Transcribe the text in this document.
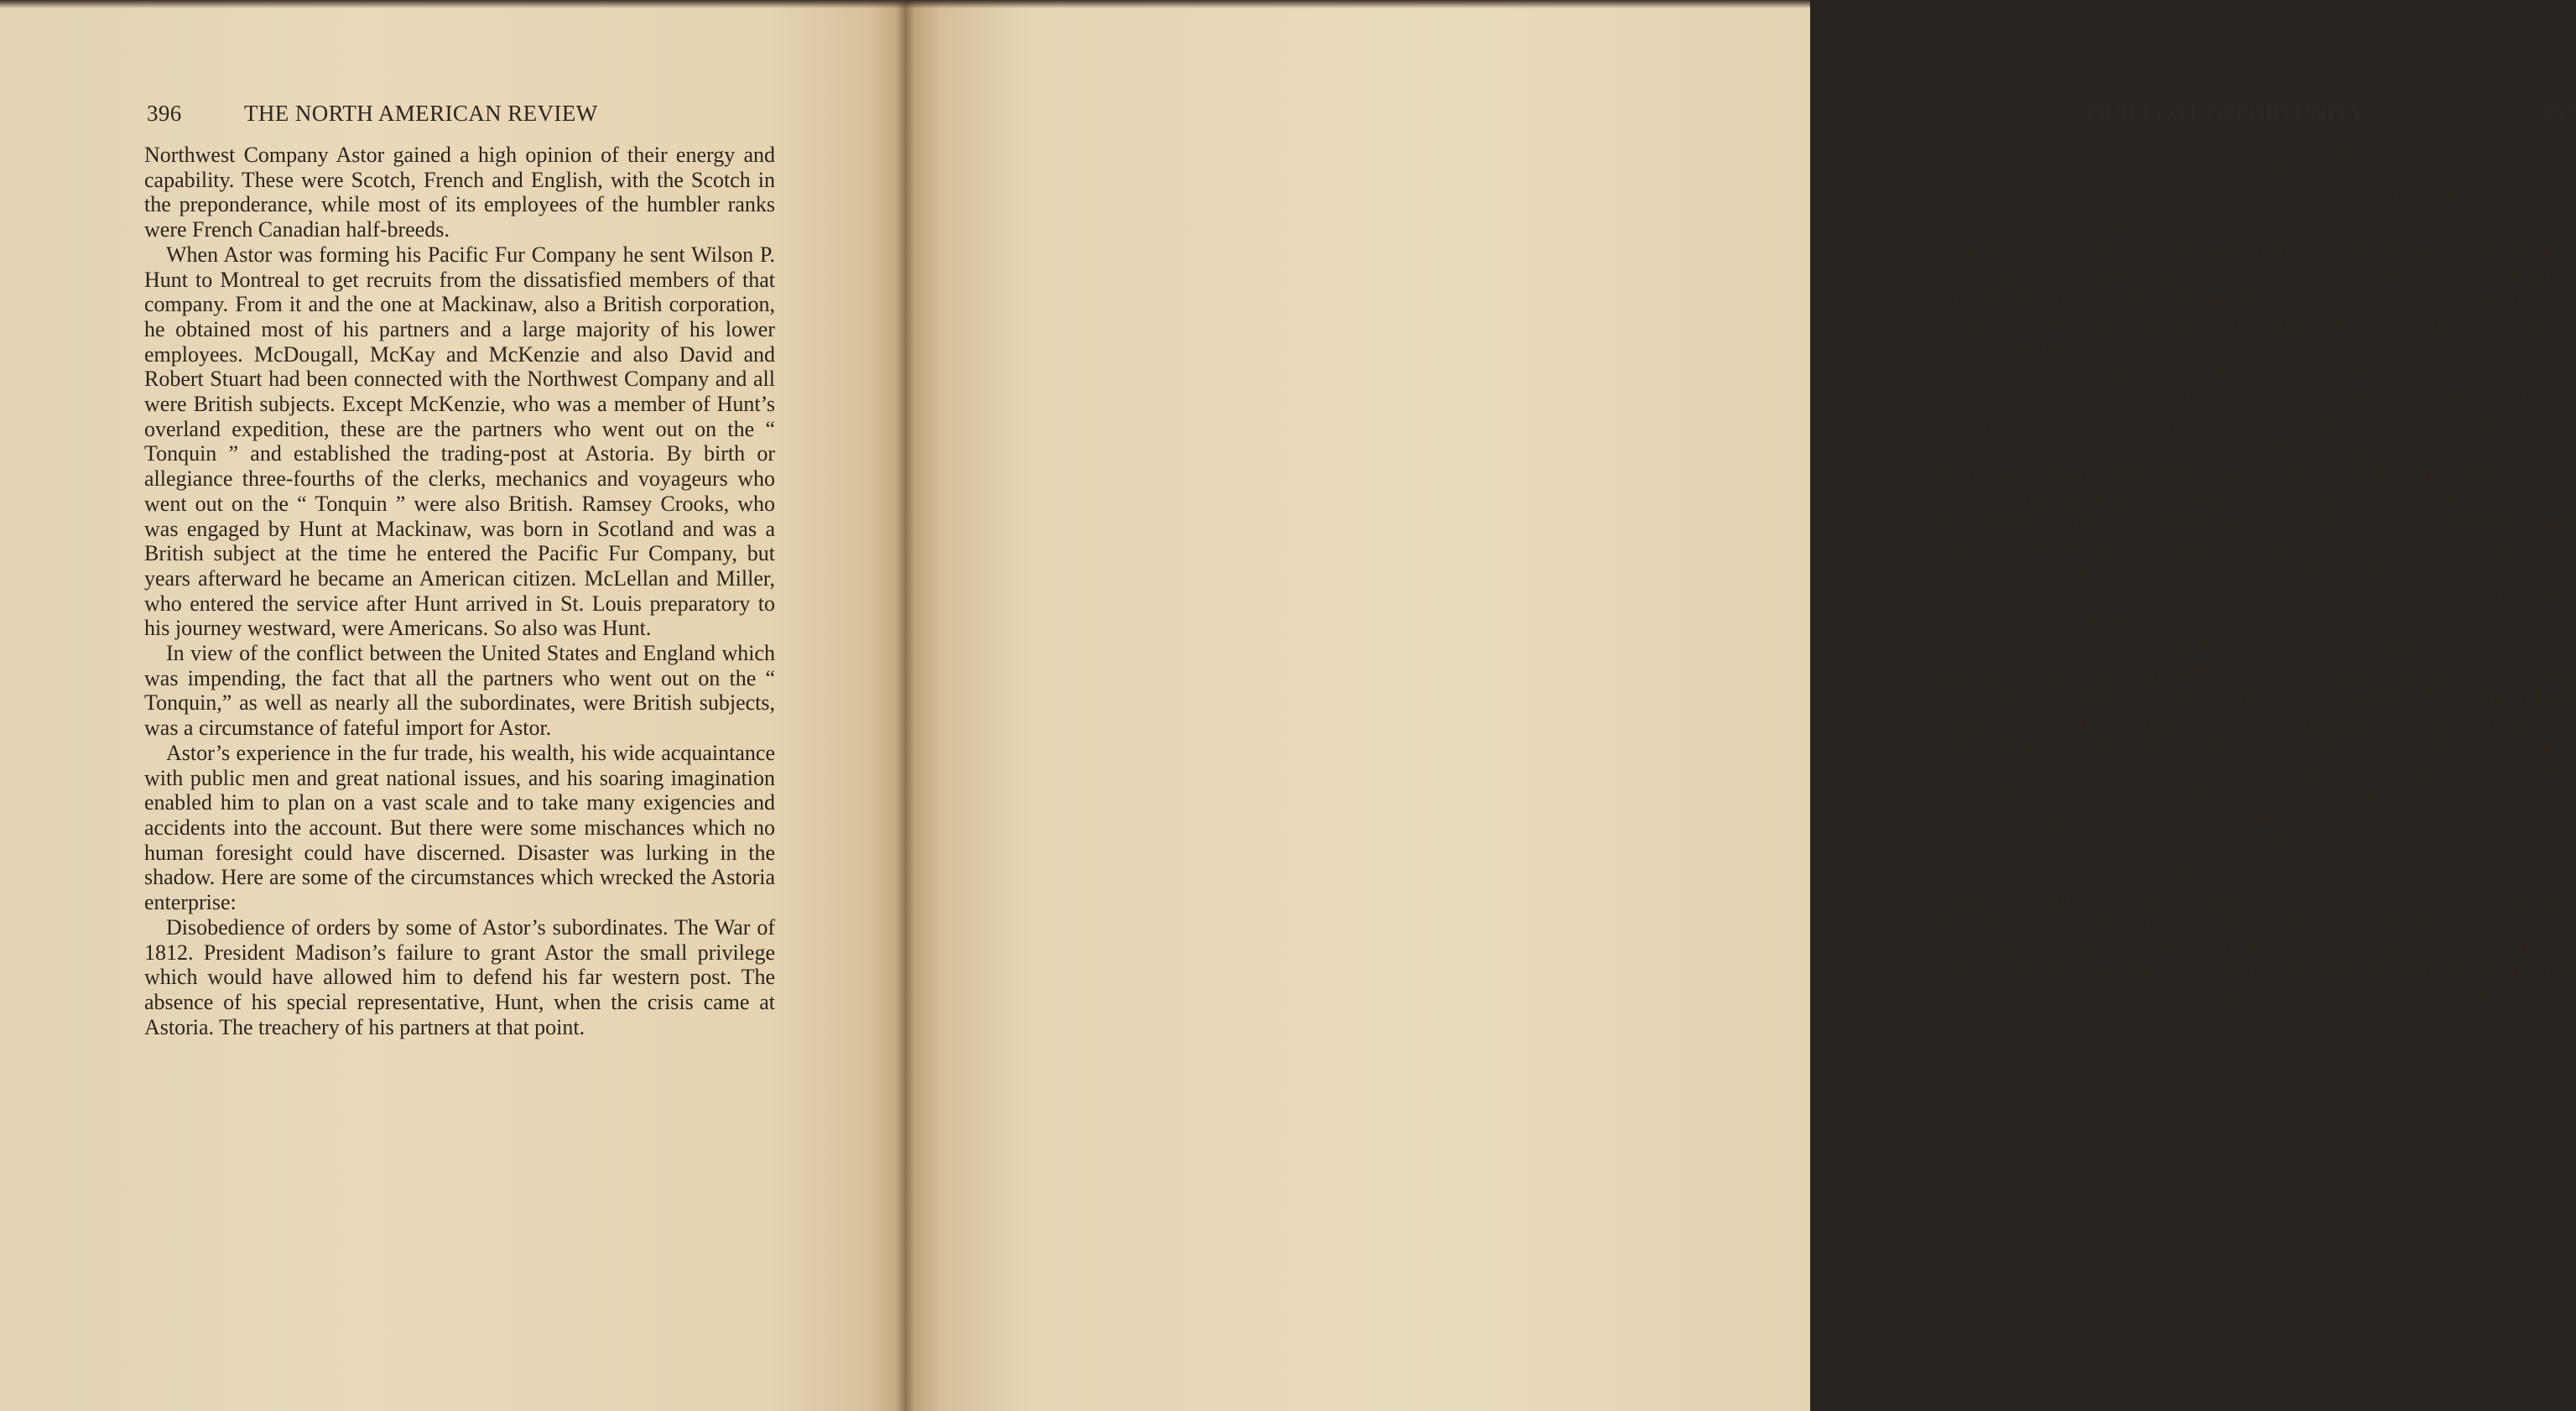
396	THE NORTH AMERICAN REVIEW

Northwest Company Astor gained a high opinion of their energy and capability. These were Scotch, French and English, with the Scotch in the preponderance, while most of its employees of the humbler ranks were French Canadian half-breeds.

When Astor was forming his Pacific Fur Company he sent Wilson P. Hunt to Montreal to get recruits from the dissatisfied members of that company. From it and the one at Mackinaw, also a British corporation, he obtained most of his partners and a large majority of his lower employees. McDougall, McKay and McKenzie and also David and Robert Stuart had been connected with the Northwest Company and all were British subjects. Except McKenzie, who was a member of Hunt’s overland expedition, these are the partners who went out on the “ Tonquin ” and established the trading-post at Astoria. By birth or allegiance three-fourths of the clerks, mechanics and voyageurs who went out on the “ Tonquin ” were also British. Ramsey Crooks, who was engaged by Hunt at Mackinaw, was born in Scotland and was a British subject at the time he entered the Pacific Fur Company, but years afterward he became an American citizen. McLellan and Miller, who entered the service after Hunt arrived in St. Louis preparatory to his journey westward, were Americans. So also was Hunt.

In view of the conflict between the United States and England which was impending, the fact that all the partners who went out on the “ Tonquin,” as well as nearly all the subordinates, were British subjects, was a circumstance of fateful import for Astor.

Astor’s experience in the fur trade, his wealth, his wide acquaintance with public men and great national issues, and his soaring imagination enabled him to plan on a vast scale and to take many exigencies and accidents into the account. But there were some mischances which no human foresight could have discerned. Disaster was lurking in the shadow. Here are some of the circumstances which wrecked the Astoria enterprise:

Disobedience of orders by some of Astor’s subordinates. The War of 1812. President Madison’s failure to grant Astor the small privilege which would have allowed him to defend his far western post. The absence of his special representative, Hunt, when the crisis came at Astoria. The treachery of his partners at that point.

OUR LOST OPPORTUNITY	397

“ Treat the Indians fairly, but don’t trust them too far. Every disaster which has taken place in the trade with the Indians arose from ill-using them or from placing too much confidence in them. Guard against surprises and sudden attacks.”

These were Astor’s words of warning to Captain Thorn just as the “ Tonquin ” was about to sail out of New York for Oregon. The record of the mishaps in the fur trade on the Pacific coast in the dozen previous years attested the need of these precautions. Yet when Thorn left Astoria in June, 1811, accompanied by Alexander McKay, on the trading cruise up the coast to Nootka Sound, he disregarded the injunction in each of its precepts. While at that place he insulted an Indian chief and allowed too many of the chief’s tribe, who were bent on revenge, to get on his vessel. Then the inevitable happened. At a preconcerted signal they turned on the crew and killed Thorn, McKay and all the others except three or four, who met death later. A wounded man lured a large body of the Indians on the vessel the next day and then in retaliation ignited the powder in the magazine, killing himself and scores of the Indians. Thus, in a mad orgy of vengeance, the “ Tonquin ” disappeared.

This was the first entry in the chapter of calamity. Carried down the coast from band to band among the Indians, by vague rumor the report percolated through to Astoria by November. Diffusing itself through the interior, Stuart and his men heard it far up in the neighborhood of the Okanagan. Pushing westward from St. Louis, Hunt, McLellan and the others learned the dread tidings while still hundreds of miles from their objective point. Weakened as they were by the loss of the vessel and its crew, by the absence of Stuart and his party, disturbed by the uncertainty as to the fate of the overlanders, and menaced by threats of attack from the Chinooks and other Indians in their vicinity, the disaster to the “ Tonquin ” struck terror to the hearts of the Astorians.

Yet with the light-heartedness of veteran adventurers in the wilderness, the Astorians celebrated Christmas of 1811 with such feasting as was possible with their scanty stores gleaned from forest, river and sea, and New-Year’s of 1812 was ushered in with salutes of artillery at the fort and with dancing and drinking until midnight. The overlanders, too, in their various divisions, some near and some far from their
